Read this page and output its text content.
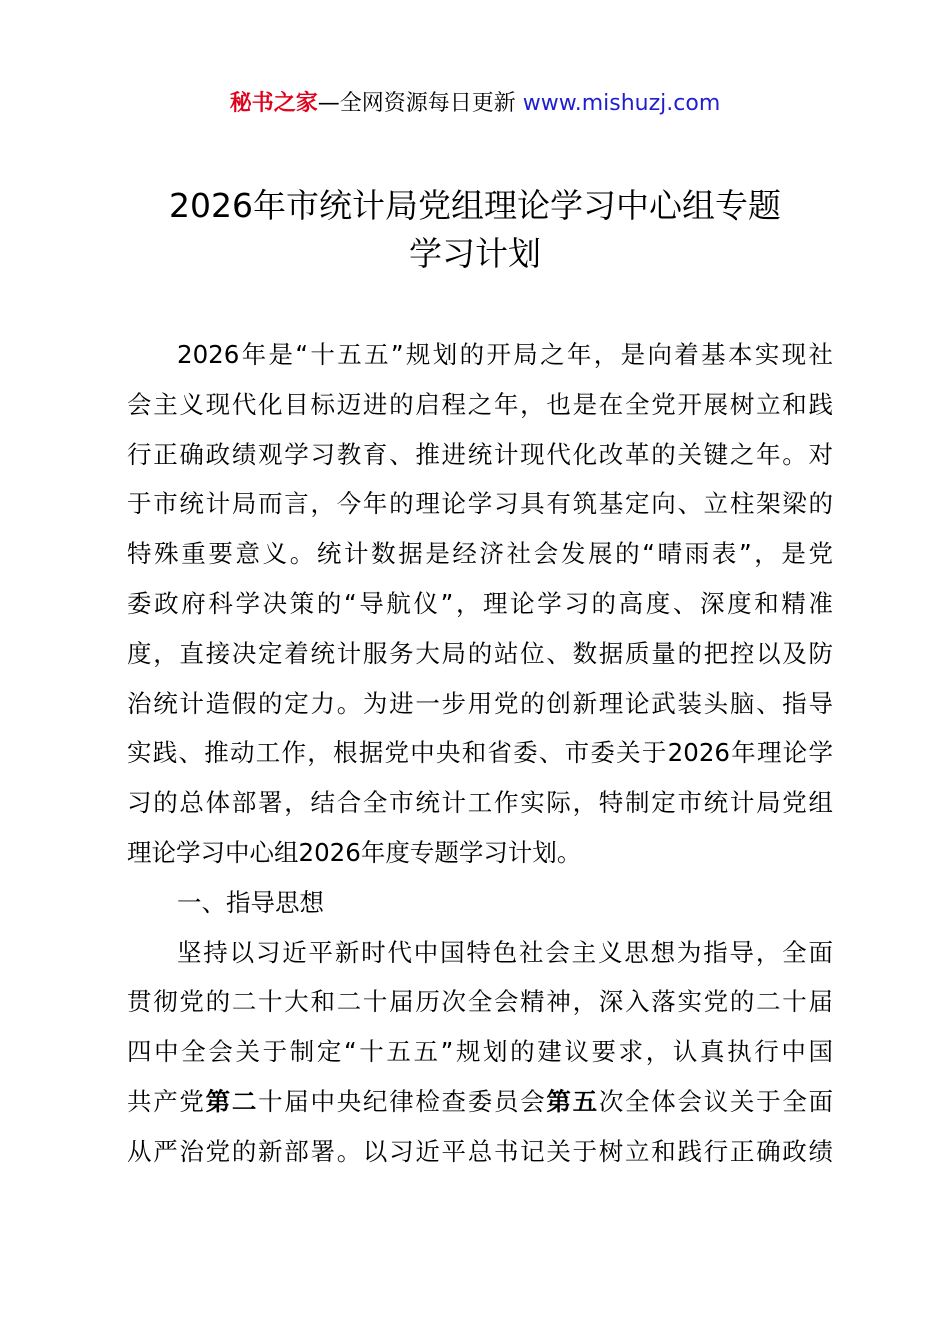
秘书之家—全网资源每日更新 www.mishuzj.com
2026年市统计局党组理论学习中心组专题
学习计划
2026年是“十五五”规划的开局之年，是向着基本实现社
会主义现代化目标迈进的启程之年，也是在全党开展树立和践
行正确政绩观学习教育、推进统计现代化改革的关键之年。对
于市统计局而言，今年的理论学习具有筑基定向、立柱架梁的
特殊重要意义。统计数据是经济社会发展的“晴雨表”，是党
委政府科学决策的“导航仪”，理论学习的高度、深度和精准
度，直接决定着统计服务大局的站位、数据质量的把控以及防
治统计造假的定力。为进一步用党的创新理论武装头脑、指导
实践、推动工作，根据党中央和省委、市委关于2026年理论学
习的总体部署，结合全市统计工作实际，特制定市统计局党组
理论学习中心组2026年度专题学习计划。
一、指导思想
坚持以习近平新时代中国特色社会主义思想为指导，全面
贯彻党的二十大和二十届历次全会精神，深入落实党的二十届
四中全会关于制定“十五五”规划的建议要求，认真执行中国
共产党第二十届中央纪律检查委员会第五次全体会议关于全面
从严治党的新部署。以习近平总书记关于树立和践行正确政绩
